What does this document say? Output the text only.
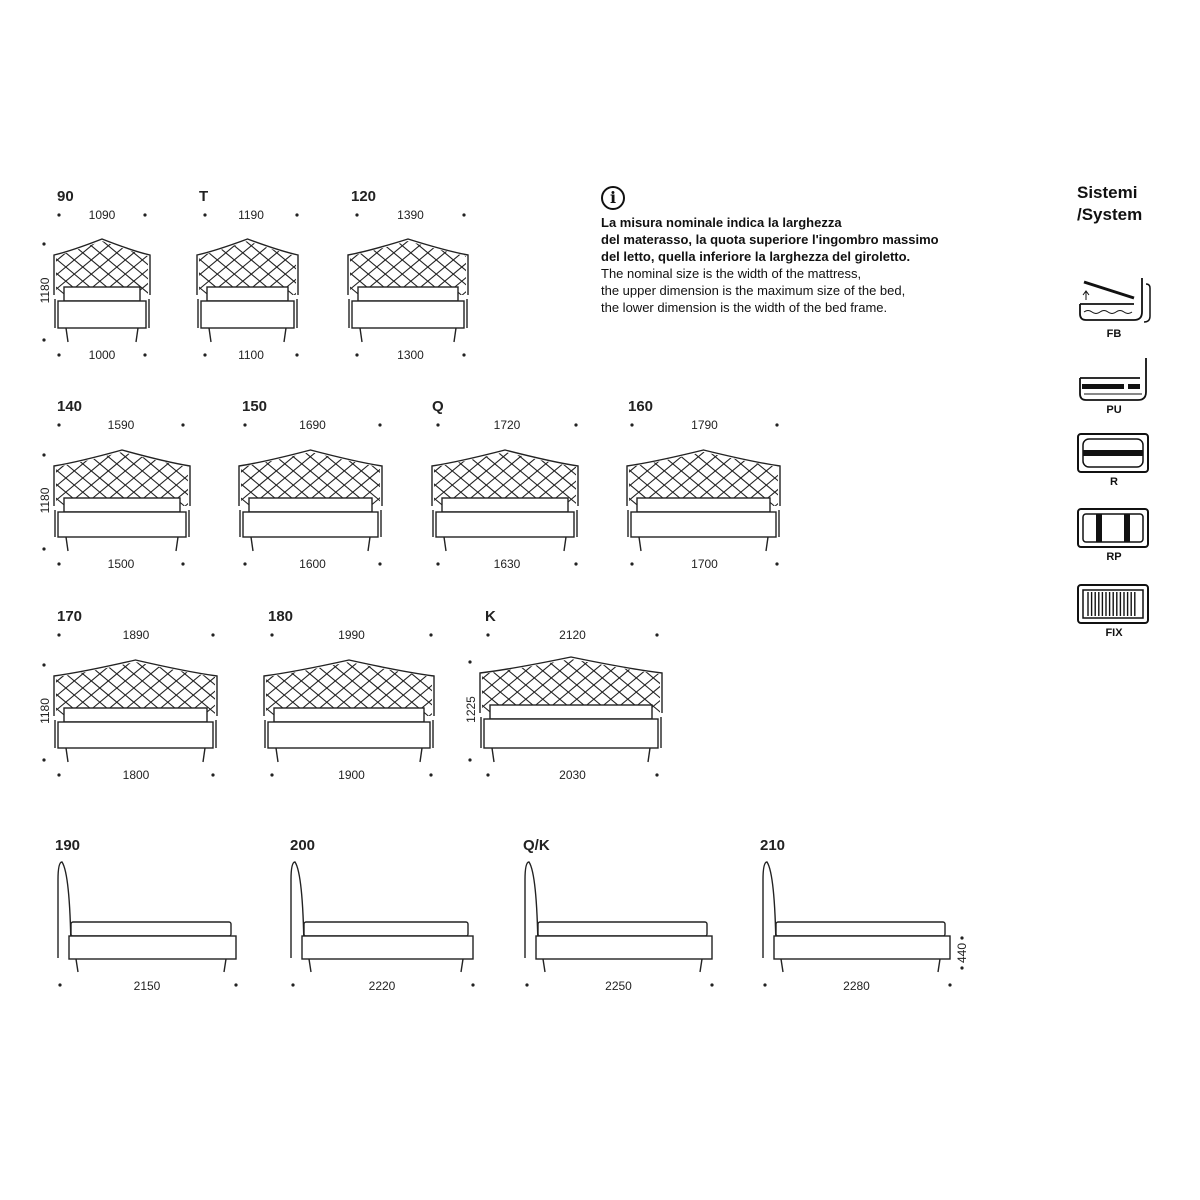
90
1090
1000
1180
T
1190
1100
120
1390
1300
140
1590
1500
1180
150
1690
1600
Q
1720
1630
160
1790
1700
170
1890
1800
1180
180
1990
1900
K
2120
2030
1225
190
2150
200
2220
Q/K
2250
210
2280
440
i

La misura nominale indica la larghezza

del materasso, la quota superiore l'ingombro massimo

del letto, quella inferiore la larghezza del giroletto.

The nominal size is the width of the mattress,

the upper dimension is the maximum size of the bed,

the lower dimension is the width of the bed frame.

Sistemi
/System
FB
PU
R
RP
FIX
